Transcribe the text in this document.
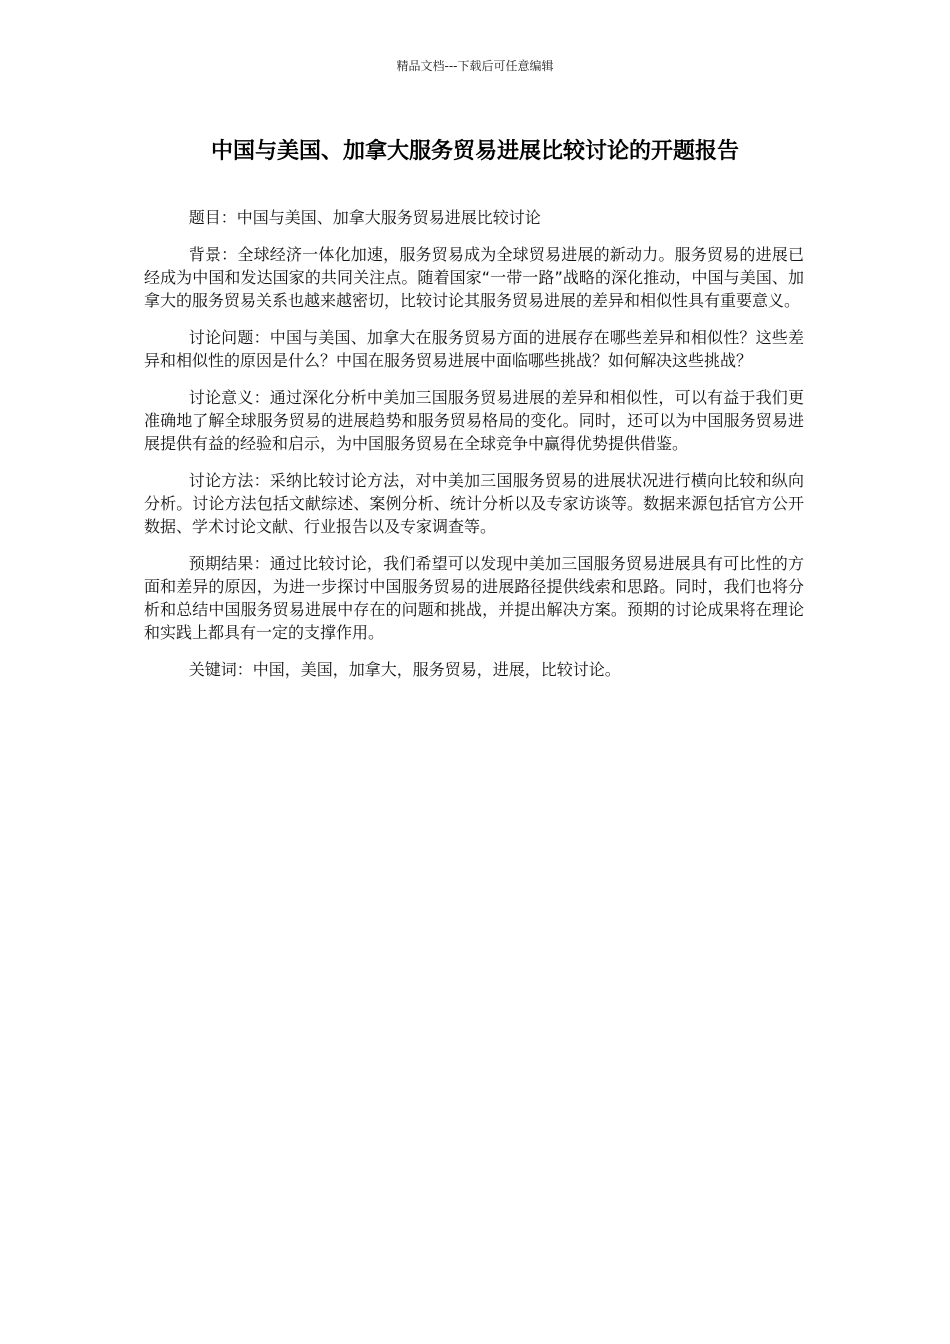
精品文档---下载后可任意编辑
中国与美国、加拿大服务贸易进展比较讨论的开题报告

题目：中国与美国、加拿大服务贸易进展比较讨论

背景：全球经济一体化加速，服务贸易成为全球贸易进展的新动力。服务贸易的进展已经成为中国和发达国家的共同关注点。随着国家“一带一路”战略的深化推动，中国与美国、加拿大的服务贸易关系也越来越密切，比较讨论其服务贸易进展的差异和相似性具有重要意义。

讨论问题：中国与美国、加拿大在服务贸易方面的进展存在哪些差异和相似性？这些差异和相似性的原因是什么？中国在服务贸易进展中面临哪些挑战？如何解决这些挑战？

讨论意义：通过深化分析中美加三国服务贸易进展的差异和相似性，可以有益于我们更准确地了解全球服务贸易的进展趋势和服务贸易格局的变化。同时，还可以为中国服务贸易进展提供有益的经验和启示，为中国服务贸易在全球竞争中赢得优势提供借鉴。

讨论方法：采纳比较讨论方法，对中美加三国服务贸易的进展状况进行横向比较和纵向分析。讨论方法包括文献综述、案例分析、统计分析以及专家访谈等。数据来源包括官方公开数据、学术讨论文献、行业报告以及专家调查等。

预期结果：通过比较讨论，我们希望可以发现中美加三国服务贸易进展具有可比性的方面和差异的原因，为进一步探讨中国服务贸易的进展路径提供线索和思路。同时，我们也将分析和总结中国服务贸易进展中存在的问题和挑战，并提出解决方案。预期的讨论成果将在理论和实践上都具有一定的支撑作用。

关键词：中国，美国，加拿大，服务贸易，进展，比较讨论。
